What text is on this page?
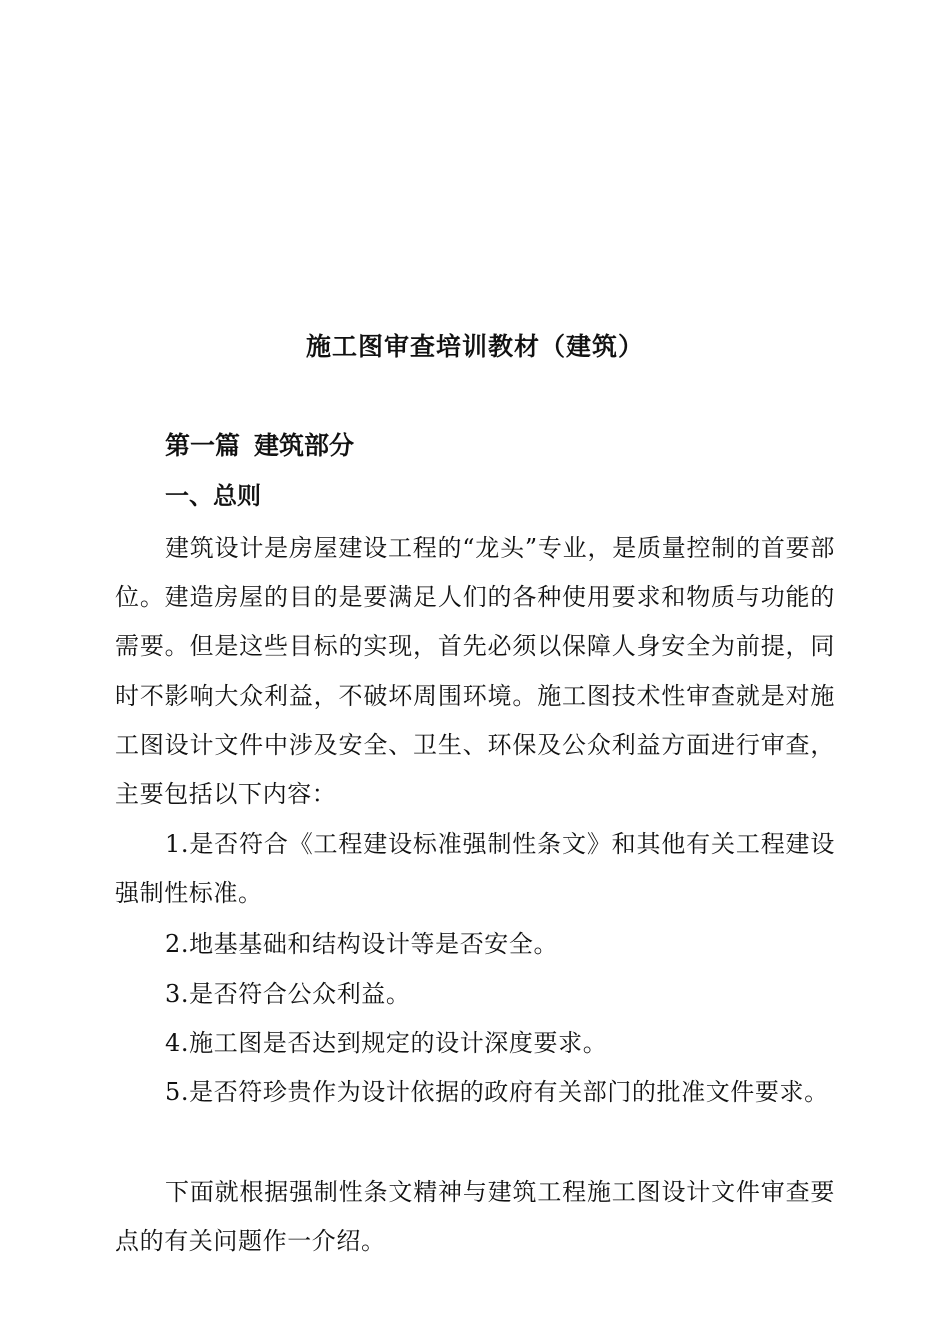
施工图审查培训教材（建筑）
第一篇 建筑部分
一、总则

建筑设计是房屋建设工程的“龙头”专业，是质量控制的首要部位。建造房屋的目的是要满足人们的各种使用要求和物质与功能的需要。但是这些目标的实现，首先必须以保障人身安全为前提，同时不影响大众利益，不破坏周围环境。施工图技术性审查就是对施工图设计文件中涉及安全、卫生、环保及公众利益方面进行审查，主要包括以下内容：

1.是否符合《工程建设标准强制性条文》和其他有关工程建设强制性标准。

2.地基基础和结构设计等是否安全。

3.是否符合公众利益。

4.施工图是否达到规定的设计深度要求。

5.是否符珍贵作为设计依据的政府有关部门的批准文件要求。

下面就根据强制性条文精神与建筑工程施工图设计文件审查要点的有关问题作一介绍。
